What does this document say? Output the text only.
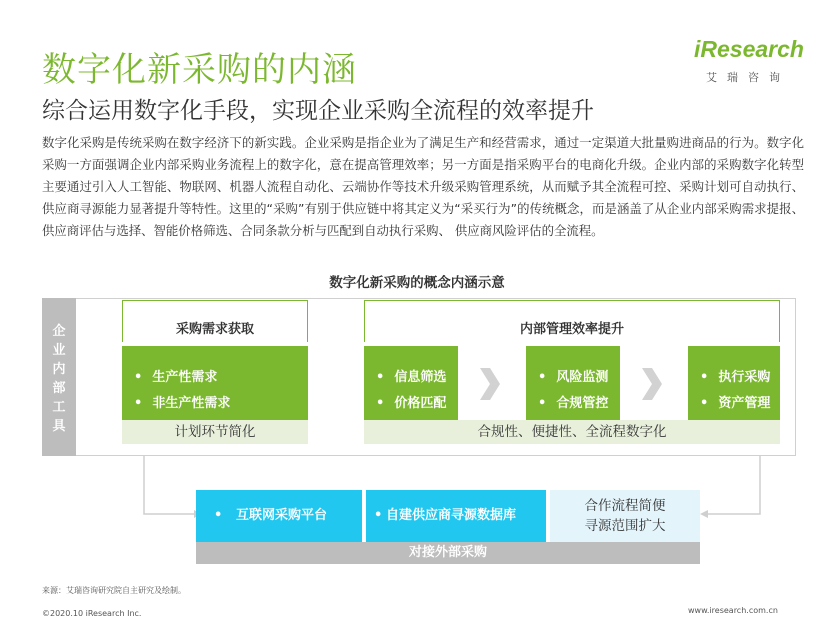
数字化新采购的内涵
综合运用数字化手段，实现企业采购全流程的效率提升
iResearch
艾瑞咨询
数字化采购是传统采购在数字经济下的新实践。企业采购是指企业为了满足生产和经营需求，通过一定渠道大批量购进商品的行为。数字化采购一方面强调企业内部采购业务流程上的数字化，意在提高管理效率；另一方面是指采购平台的电商化升级。企业内部的采购数字化转型主要通过引入人工智能、物联网、机器人流程自动化、云端协作等技术升级采购管理系统，从而赋予其全流程可控、采购计划可自动执行、供应商寻源能力显著提升等特性。这里的“采购”有别于供应链中将其定义为“采买行为”的传统概念，而是涵盖了从企业内部采购需求提报、供应商评估与选择、智能价格筛选、合同条款分析与匹配到自动执行采购、 供应商风险评估的全流程。
数字化新采购的概念内涵示意
企业内部工具
采购需求获取	内部管理效率提升
• 生产性需求
• 非生产性需求
计划环节简化
• 信息筛选
• 价格匹配
• 风险监测
• 合规管控
• 执行采购
• 资产管理
合规性、便捷性、全流程数字化
• 互联网采购平台	• 自建供应商寻源数据库
合作流程简便
寻源范围扩大
对接外部采购
来源：艾瑞咨询研究院自主研究及绘制。
©2020.10 iResearch Inc.	www.iresearch.com.cn
